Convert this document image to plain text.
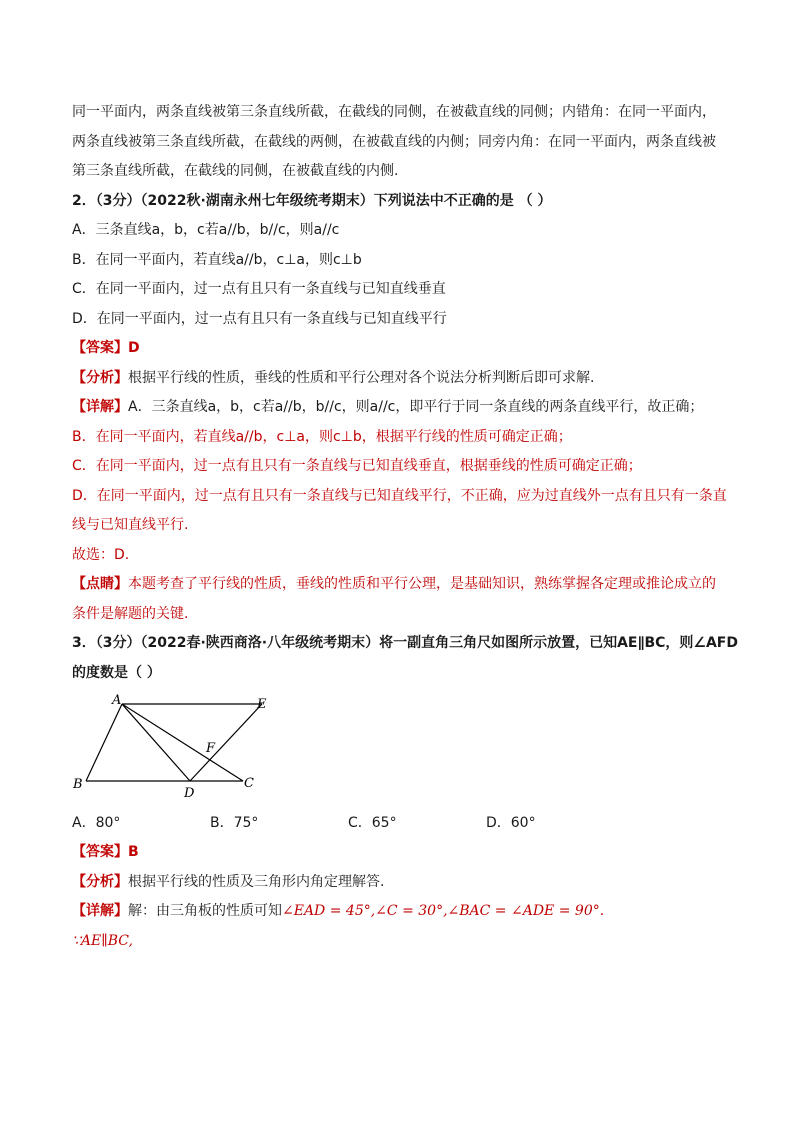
同一平面内，两条直线被第三条直线所截，在截线的同侧，在被截直线的同侧；内错角：在同一平面内，
两条直线被第三条直线所截，在截线的两侧，在被截直线的内侧；同旁内角：在同一平面内，两条直线被
第三条直线所截，在截线的同侧，在被截直线的内侧.
2．（3分）（2022秋·湖南永州七年级统考期末）下列说法中不正确的是 （ ）
A．三条直线a，b，c若a//b，b//c，则a//c
B．在同一平面内，若直线a//b，c⊥a，则c⊥b
C．在同一平面内，过一点有且只有一条直线与已知直线垂直
D．在同一平面内，过一点有且只有一条直线与已知直线平行
【答案】D
【分析】根据平行线的性质，垂线的性质和平行公理对各个说法分析判断后即可求解.
【详解】A．三条直线a，b，c若a//b，b//c，则a//c，即平行于同一条直线的两条直线平行，故正确；
B．在同一平面内，若直线a//b，c⊥a，则c⊥b，根据平行线的性质可确定正确；
C．在同一平面内，过一点有且只有一条直线与已知直线垂直，根据垂线的性质可确定正确；
D．在同一平面内，过一点有且只有一条直线与已知直线平行，不正确，应为过直线外一点有且只有一条直
线与已知直线平行.
故选：D.
【点睛】本题考查了平行线的性质，垂线的性质和平行公理，是基础知识，熟练掌握各定理或推论成立的
条件是解题的关键.
3．（3分）（2022春·陕西商洛·八年级统考期末）将一副直角三角尺如图所示放置，已知AE∥BC，则∠AFD
的度数是（ ）
A	E
F
B
D
C
A．80°	B．75°	C．65°	D．60°
【答案】B
【分析】根据平行线的性质及三角形内角定理解答.
【详解】解：由三角板的性质可知∠EAD = 45°,∠C = 30°,∠BAC = ∠ADE = 90°.
∵AE∥BC,
